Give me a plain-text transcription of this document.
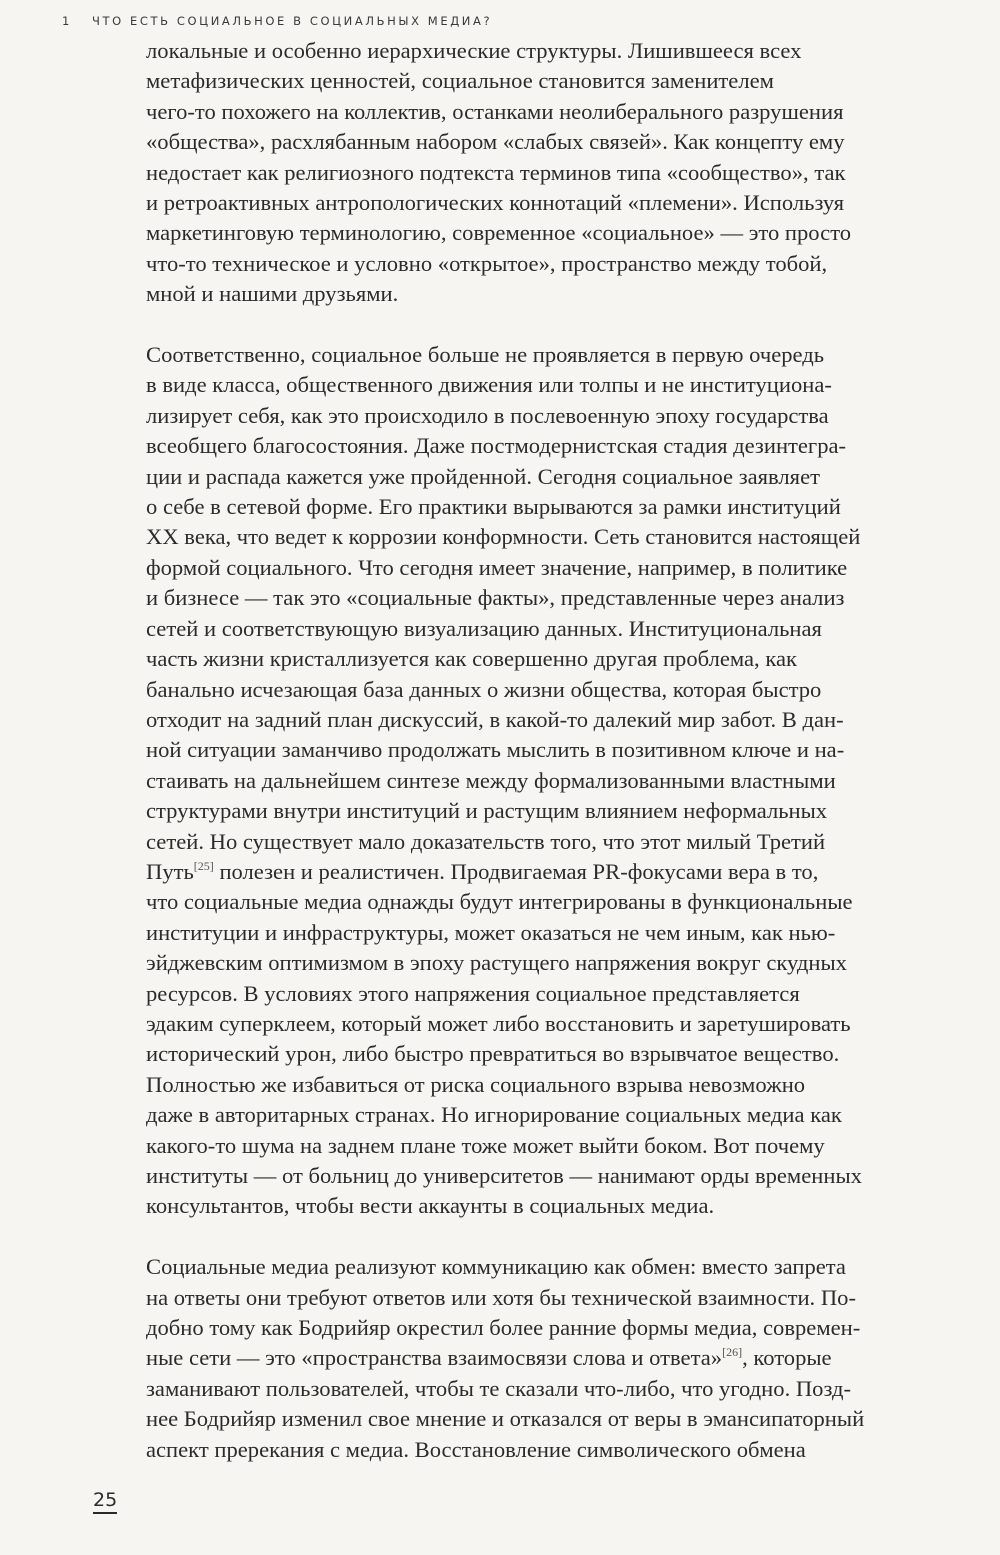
1 ЧТО ЕСТЬ СОЦИАЛЬНОЕ В СОЦИАЛЬНЫХ МЕДИА?
локальные и особенно иерархические структуры. Лишившееся всех
метафизических ценностей, социальное становится заменителем
чего-то похожего на коллектив, останками неолиберального разрушения
«общества», расхлябанным набором «слабых связей». Как концепту ему
недостает как религиозного подтекста терминов типа «сообщество», так
и ретроактивных антропологических коннотаций «племени». Используя
маркетинговую терминологию, современное «социальное» — это просто
что-то техническое и условно «открытое», пространство между тобой,
мной и нашими друзьями.
Соответственно, социальное больше не проявляется в первую очередь
в виде класса, общественного движения или толпы и не институциона-
лизирует себя, как это происходило в послевоенную эпоху государства
всеобщего благосостояния. Даже постмодернистская стадия дезинтегра-
ции и распада кажется уже пройденной. Сегодня социальное заявляет
о себе в сетевой форме. Его практики вырываются за рамки институций
XX века, что ведет к коррозии конформности. Сеть становится настоящей
формой социального. Что сегодня имеет значение, например, в политике
и бизнесе — так это «социальные факты», представленные через анализ
сетей и соответствующую визуализацию данных. Институциональная
часть жизни кристаллизуется как совершенно другая проблема, как
банально исчезающая база данных о жизни общества, которая быстро
отходит на задний план дискуссий, в какой-то далекий мир забот. В дан-
ной ситуации заманчиво продолжать мыслить в позитивном ключе и на-
стаивать на дальнейшем синтезе между формализованными властными
структурами внутри институций и растущим влиянием неформальных
сетей. Но существует мало доказательств того, что этот милый Третий
Путь[25] полезен и реалистичен. Продвигаемая PR-фокусами вера в то,
что социальные медиа однажды будут интегрированы в функциональные
институции и инфраструктуры, может оказаться не чем иным, как нью-
эйджевским оптимизмом в эпоху растущего напряжения вокруг скудных
ресурсов. В условиях этого напряжения социальное представляется
эдаким суперклеем, который может либо восстановить и заретушировать
исторический урон, либо быстро превратиться во взрывчатое вещество.
Полностью же избавиться от риска социального взрыва невозможно
даже в авторитарных странах. Но игнорирование социальных медиа как
какого-то шума на заднем плане тоже может выйти боком. Вот почему
институты — от больниц до университетов — нанимают орды временных
консультантов, чтобы вести аккаунты в социальных медиа.
Социальные медиа реализуют коммуникацию как обмен: вместо запрета
на ответы они требуют ответов или хотя бы технической взаимности. По-
добно тому как Бодрийяр окрестил более ранние формы медиа, современ-
ные сети — это «пространства взаимосвязи слова и ответа»[26], которые
заманивают пользователей, чтобы те сказали что-либо, что угодно. Позд-
нее Бодрийяр изменил свое мнение и отказался от веры в эмансипаторный
аспект пререкания с медиа. Восстановление символического обмена
25
